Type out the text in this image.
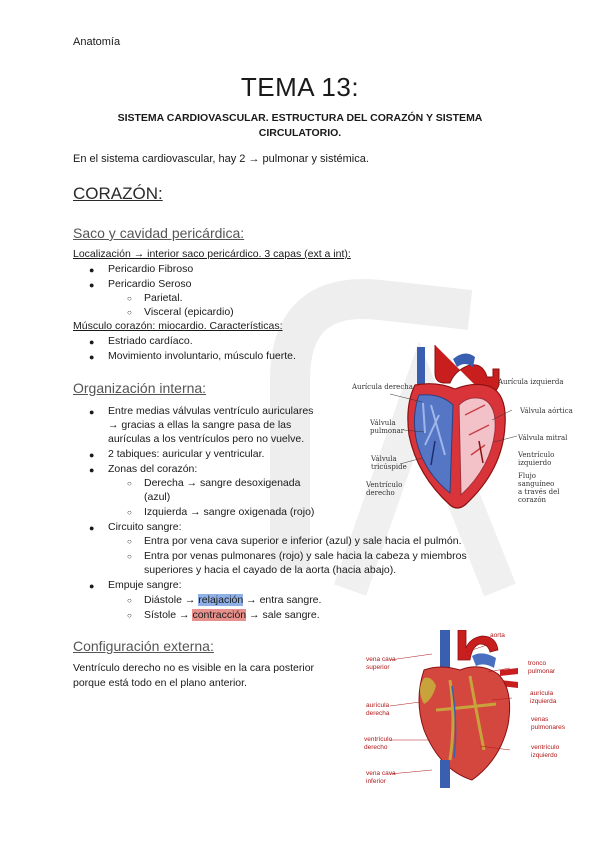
Anatomía
TEMA 13:
SISTEMA CARDIOVASCULAR. ESTRUCTURA DEL CORAZÓN Y SISTEMA CIRCULATORIO.
En el sistema cardiovascular, hay 2 → pulmonar y sistémica.
CORAZÓN:
Saco y cavidad pericárdica:
Localización → interior saco pericárdico. 3 capas (ext a int):
● Pericardio Fibroso
● Pericardio Seroso
○ Parietal.
○ Visceral (epicardio)
Músculo corazón: miocardio. Características:
● Estriado cardíaco.
● Movimiento involuntario, músculo fuerte.
Organización interna:
● Entre medias válvulas ventrículo auriculares
→ gracias a ellas la sangre pasa de las
aurículas a los ventrículos pero no vuelve.
● 2 tabiques: auricular y ventricular.
● Zonas del corazón:
○ Derecha → sangre desoxigenada
(azul)
○ Izquierda → sangre oxigenada (rojo)
● Circuito sangre:
○ Entra por vena cava superior e inferior (azul) y sale hacia el pulmón.
○ Entra por venas pulmonares (rojo) y sale hacia la cabeza y miembros
superiores y hacia el cayado de la aorta (hacia abajo).
● Empuje sangre:
○ Diástole → relajación → entra sangre.
○ Sístole → contracción → sale sangre.
Configuración externa:
Ventrículo derecho no es visible en la cara posterior
porque está todo en el plano anterior.
Aurícula derecha
Aurícula izquierda
Válvula
pulmonar
Válvula aórtica
Válvula mitral
Válvula
tricúspide
Ventrículo
izquierdo
Ventrículo
derecho
Flujo
sanguíneo
a través del
corazón
aorta
vena cava
superior
tronco
pulmonar
aurícula
izquierda
aurícula
derecha
venas
pulmonares
ventrículo
derecho	ventrículo
izquierdo
vena cava
inferior
